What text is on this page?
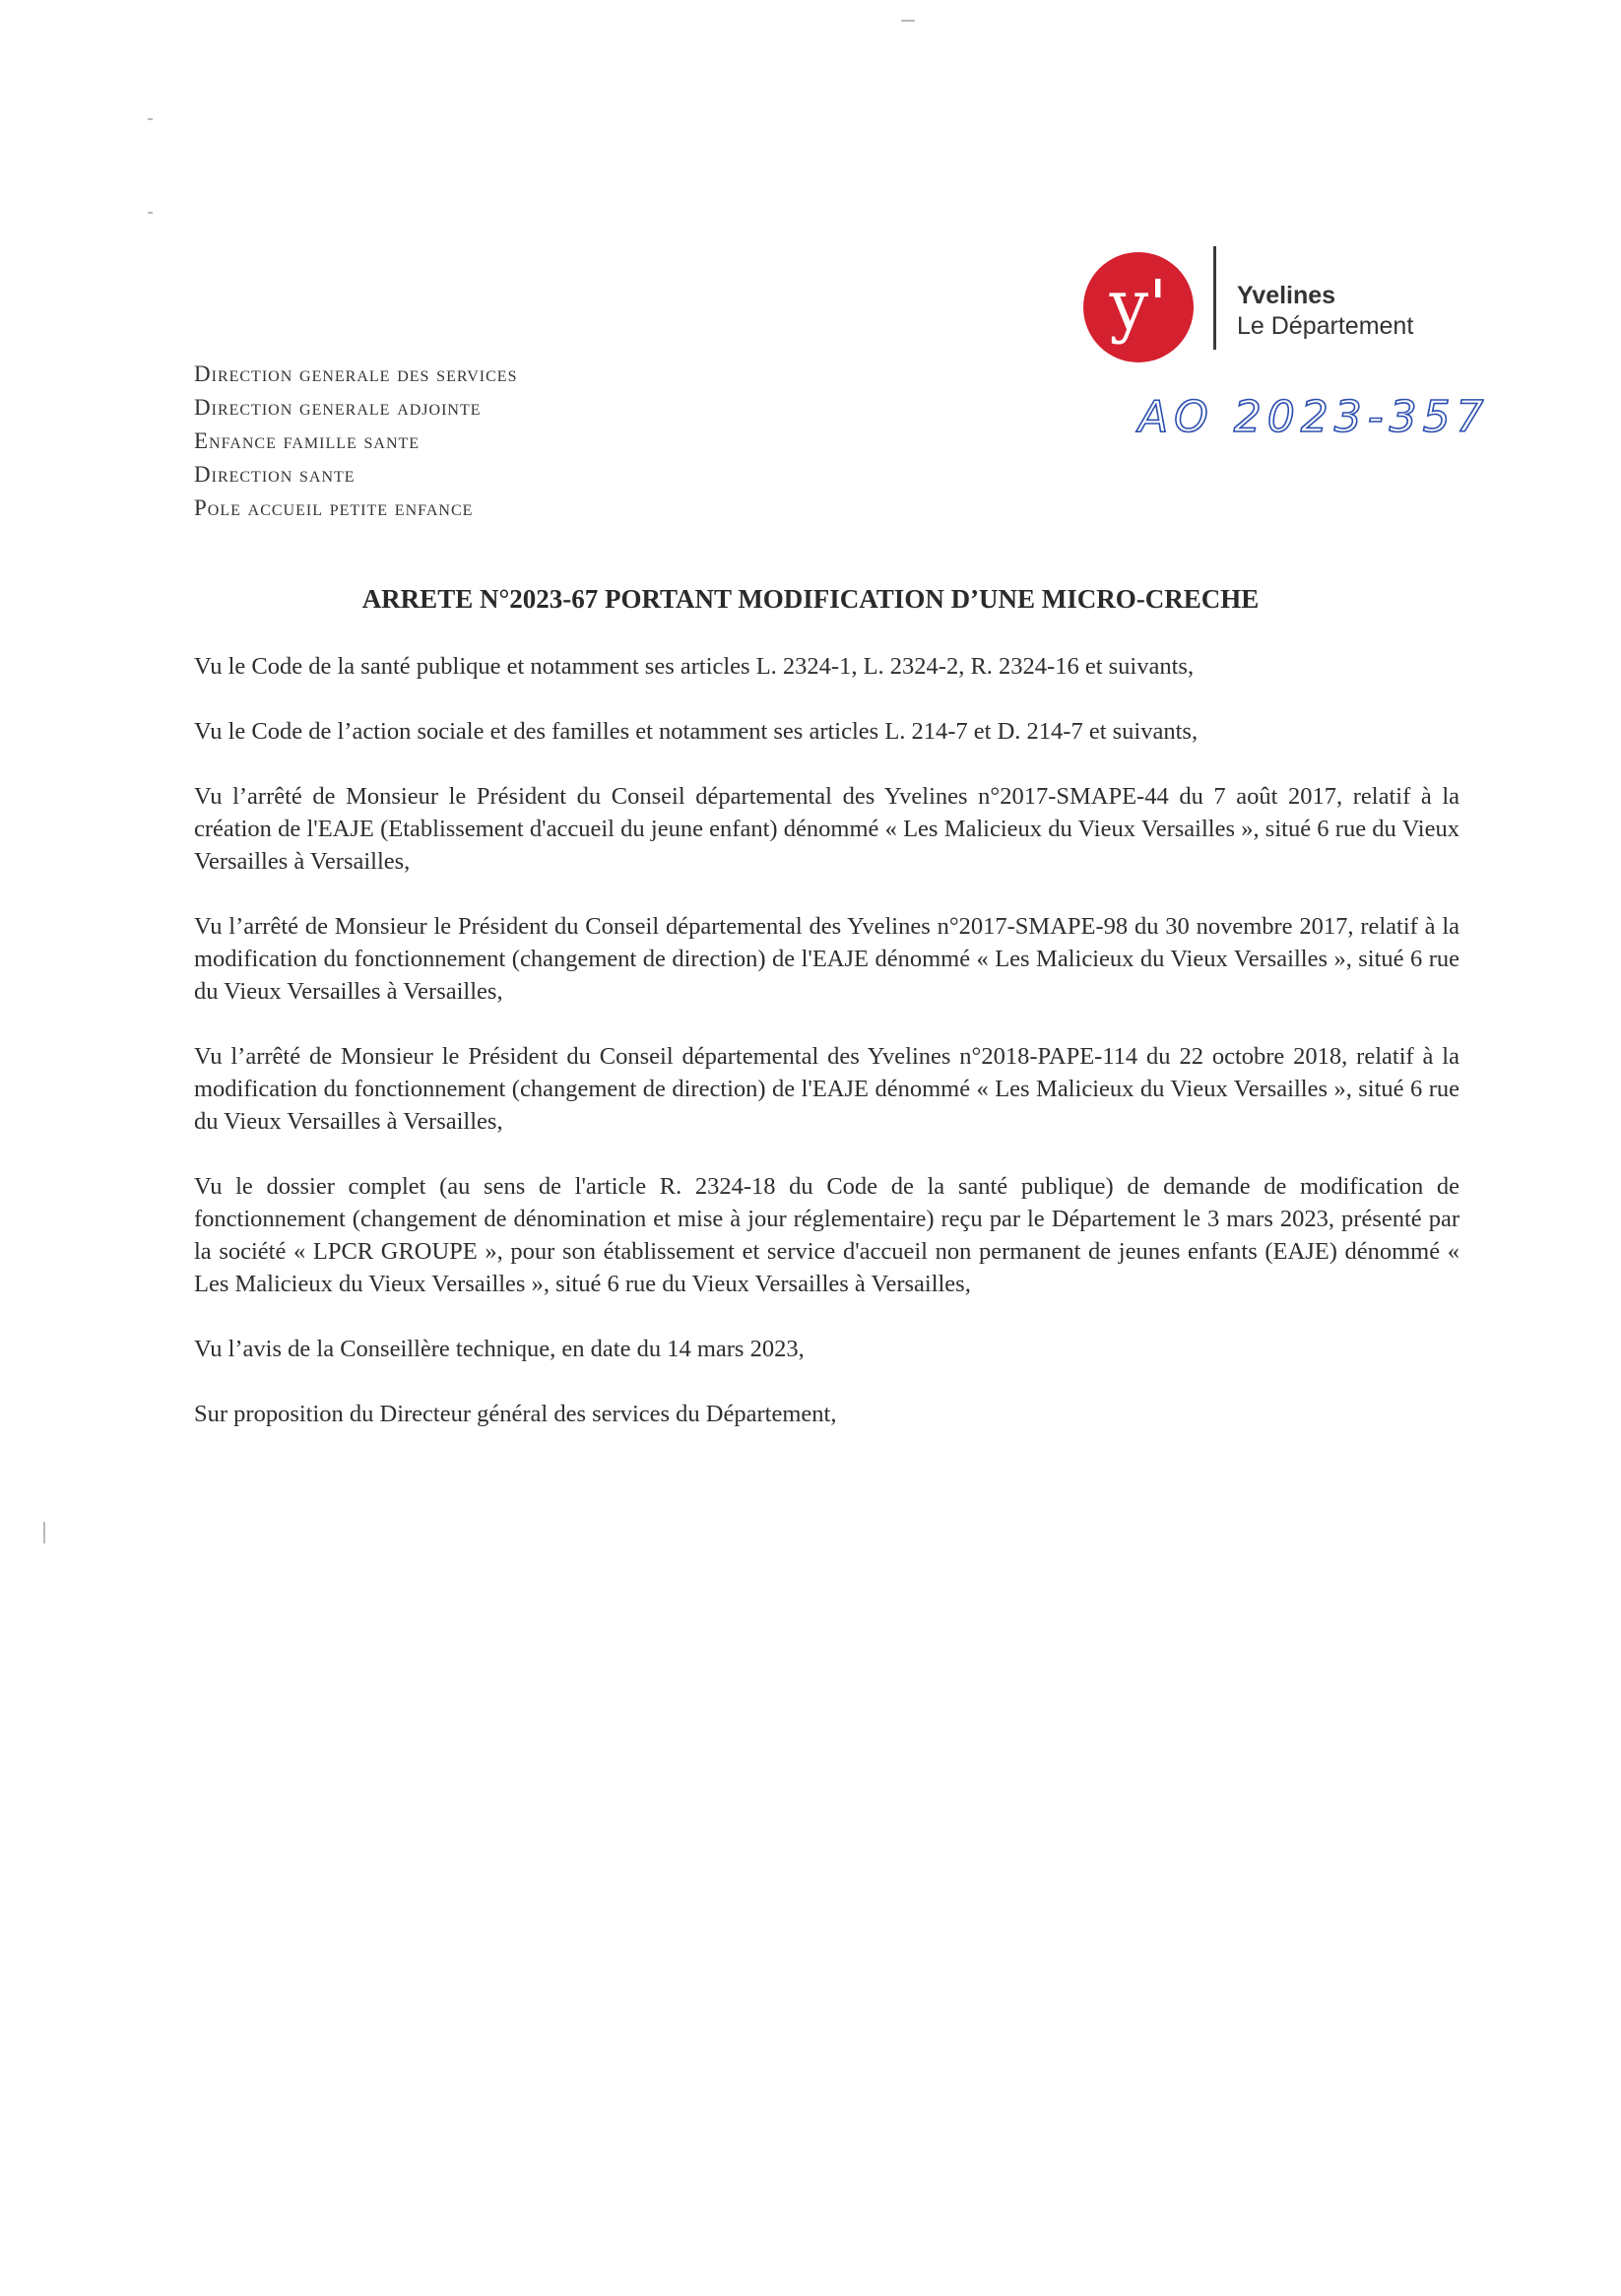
y'	Yvelines
Le Département
AO 2023-357
Direction generale des services
Direction generale adjointe
Enfance famille sante
Direction sante
Pole accueil petite enfance
ARRETE N°2023-67 PORTANT MODIFICATION D’UNE MICRO-CRECHE

Vu le Code de la santé publique et notamment ses articles L. 2324-1, L. 2324-2, R. 2324-16 et suivants,

Vu le Code de l’action sociale et des familles et notamment ses articles L. 214-7 et D. 214-7 et suivants,

Vu l’arrêté de Monsieur le Président du Conseil départemental des Yvelines n°2017-SMAPE-44 du 7 août 2017, relatif à la création de l'EAJE (Etablissement d'accueil du jeune enfant) dénommé « Les Malicieux du Vieux Versailles », situé 6 rue du Vieux Versailles à Versailles,

Vu l’arrêté de Monsieur le Président du Conseil départemental des Yvelines n°2017-SMAPE-98 du 30 novembre 2017, relatif à la modification du fonctionnement (changement de direction) de l'EAJE dénommé « Les Malicieux du Vieux Versailles », situé 6 rue du Vieux Versailles à Versailles,

Vu l’arrêté de Monsieur le Président du Conseil départemental des Yvelines n°2018-PAPE-114 du 22 octobre 2018, relatif à la modification du fonctionnement (changement de direction) de l'EAJE dénommé « Les Malicieux du Vieux Versailles », situé 6 rue du Vieux Versailles à Versailles,

Vu le dossier complet (au sens de l'article R. 2324-18 du Code de la santé publique) de demande de modification de fonctionnement (changement de dénomination et mise à jour réglementaire) reçu par le Département le 3 mars 2023, présenté par la société « LPCR GROUPE », pour son établissement et service d'accueil non permanent de jeunes enfants (EAJE) dénommé « Les Malicieux du Vieux Versailles », situé 6 rue du Vieux Versailles à Versailles,

Vu l’avis de la Conseillère technique, en date du 14 mars 2023,

Sur proposition du Directeur général des services du Département,
